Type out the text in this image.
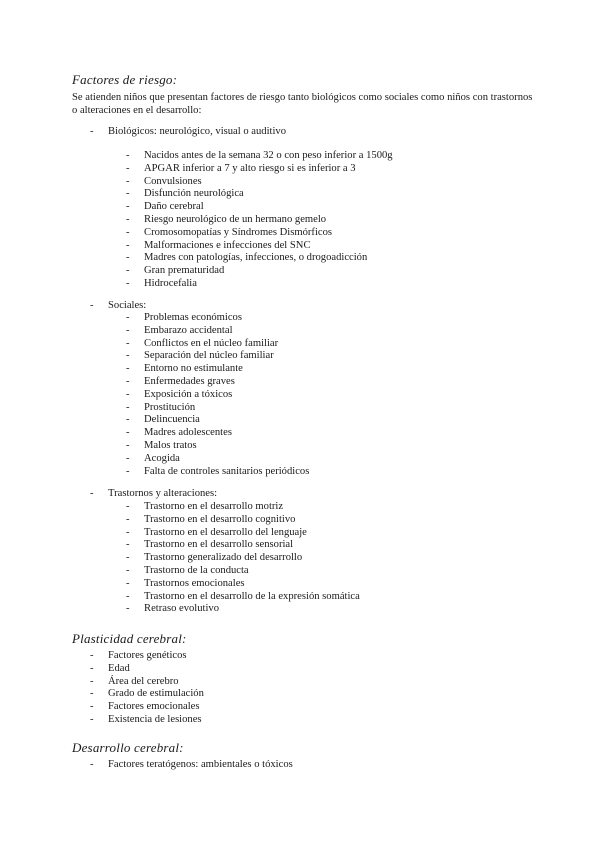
Factores de riesgo:
Se atienden niños que presentan factores de riesgo tanto biológicos como sociales como niños con trastornos o alteraciones en el desarrollo:
- Biológicos: neurológico, visual o auditivo
- Nacidos antes de la semana 32 o con peso inferior a 1500g
- APGAR inferior a 7 y alto riesgo si es inferior a 3
- Convulsiones
- Disfunción neurológica
- Daño cerebral
- Riesgo neurológico de un hermano gemelo
- Cromosomopatías y Síndromes Dismórficos
- Malformaciones e infecciones del SNC
- Madres con patologías, infecciones, o drogoadicción
- Gran prematuridad
- Hidrocefalia
- Sociales:
- Problemas económicos
- Embarazo accidental
- Conflictos en el núcleo familiar
- Separación del núcleo familiar
- Entorno no estimulante
- Enfermedades graves
- Exposición a tóxicos
- Prostitución
- Delincuencia
- Madres adolescentes
- Malos tratos
- Acogida
- Falta de controles sanitarios periódicos
- Trastornos y alteraciones:
- Trastorno en el desarrollo motriz
- Trastorno en el desarrollo cognitivo
- Trastorno en el desarrollo del lenguaje
- Trastorno en el desarrollo sensorial
- Trastorno generalizado del desarrollo
- Trastorno de la conducta
- Trastornos emocionales
- Trastorno en el desarrollo de la expresión somática
- Retraso evolutivo
Plasticidad cerebral:
- Factores genéticos
- Edad
- Área del cerebro
- Grado de estimulación
- Factores emocionales
- Existencia de lesiones
Desarrollo cerebral:
- Factores teratógenos: ambientales o tóxicos
